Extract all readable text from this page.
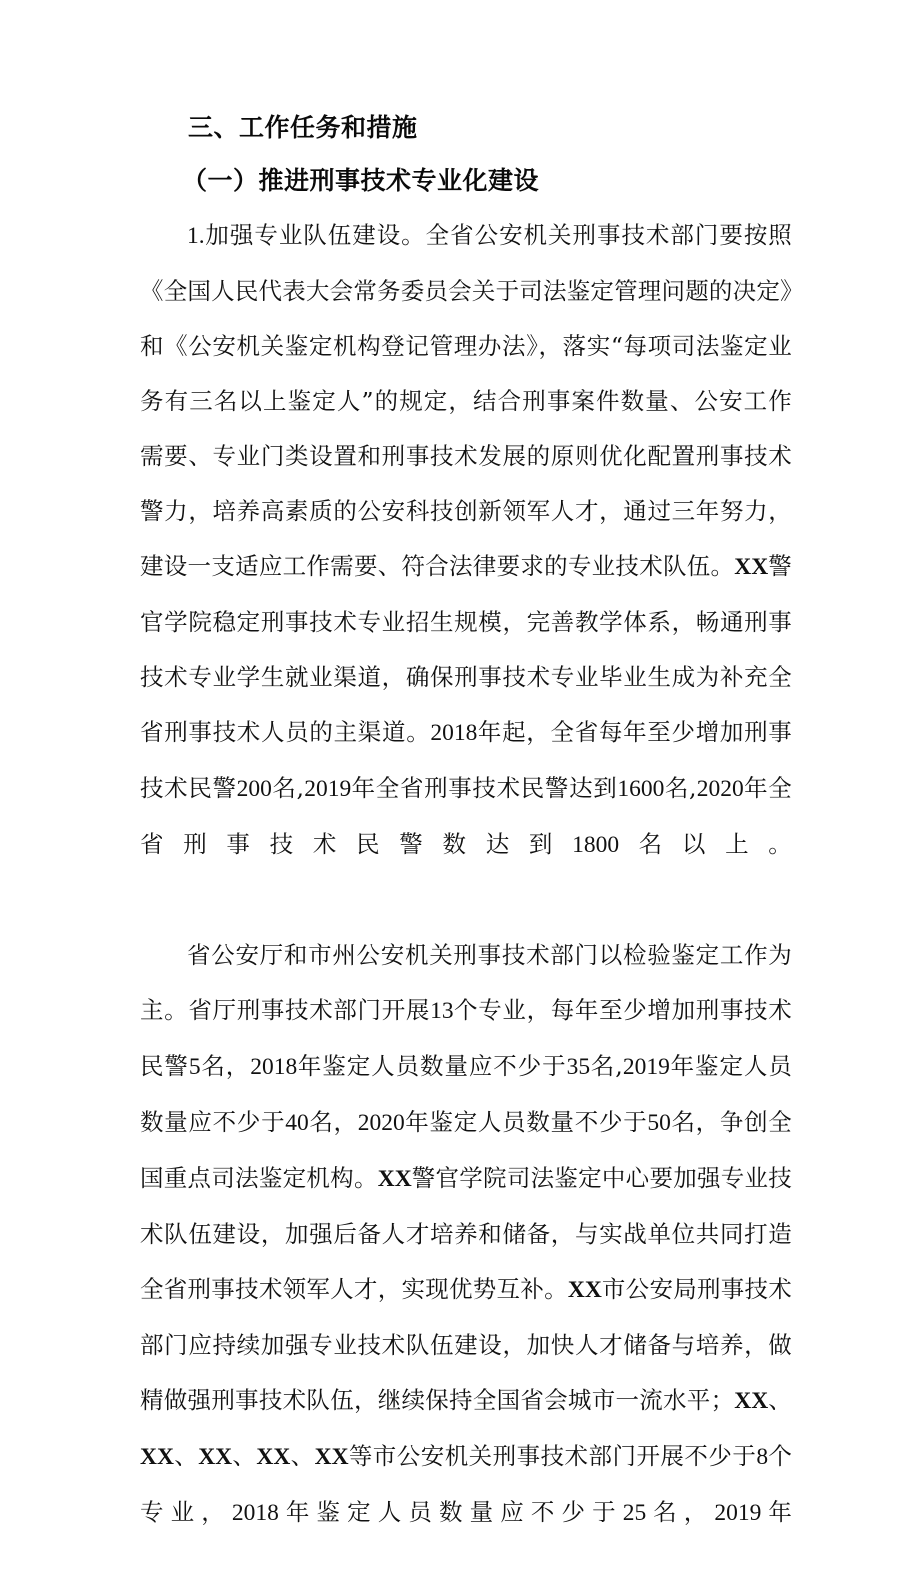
三、工作任务和措施
（一）推进刑事技术专业化建设

1.加强专业队伍建设。全省公安机关刑事技术部门要按照《全国人民代表大会常务委员会关于司法鉴定管理问题的决定》和《公安机关鉴定机构登记管理办法》，落实“每项司法鉴定业务有三名以上鉴定人”的规定，结合刑事案件数量、公安工作需要、专业门类设置和刑事技术发展的原则优化配置刑事技术警力，培养高素质的公安科技创新领军人才，通过三年努力，建设一支适应工作需要、符合法律要求的专业技术队伍。XX警官学院稳定刑事技术专业招生规模，完善教学体系，畅通刑事技术专业学生就业渠道，确保刑事技术专业毕业生成为补充全省刑事技术人员的主渠道。2018年起，全省每年至少增加刑事技术民警200名,2019年全省刑事技术民警达到1600名,2020年全省刑事技术民警数达到1800名以上。

省公安厅和市州公安机关刑事技术部门以检验鉴定工作为主。省厅刑事技术部门开展13个专业，每年至少增加刑事技术民警5名，2018年鉴定人员数量应不少于35名,2019年鉴定人员数量应不少于40名，2020年鉴定人员数量不少于50名，争创全国重点司法鉴定机构。XX警官学院司法鉴定中心要加强专业技术队伍建设，加强后备人才培养和储备，与实战单位共同打造全省刑事技术领军人才，实现优势互补。XX市公安局刑事技术部门应持续加强专业技术队伍建设，加快人才储备与培养，做精做强刑事技术队伍，继续保持全国省会城市一流水平；XX、XX、XX、XX、XX等市公安机关刑事技术部门开展不少于8个专业，2018年鉴定人员数量应不少于25名，2019年
